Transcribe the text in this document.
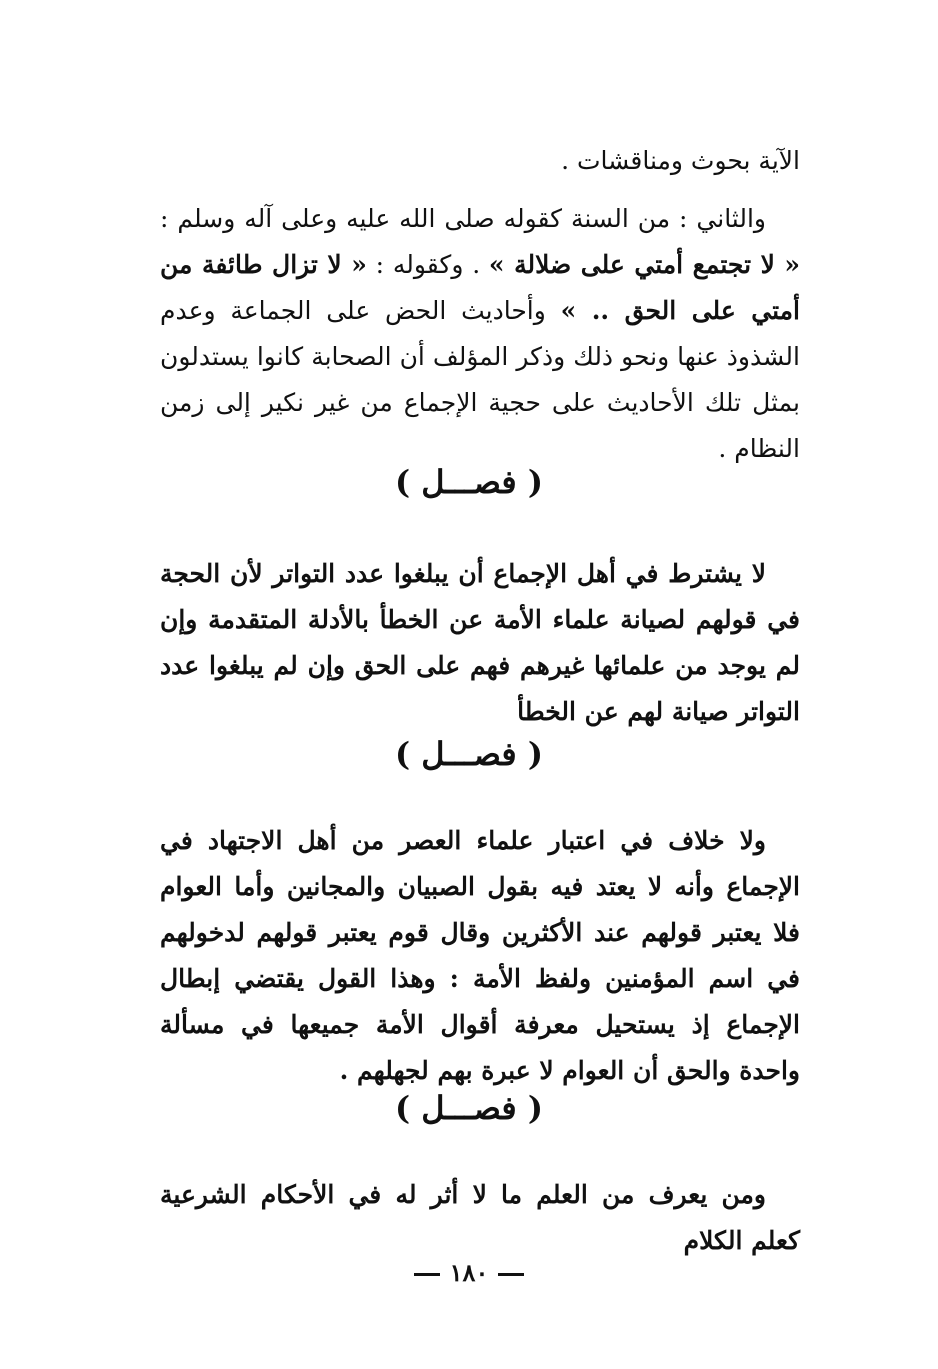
الآية بحوث ومناقشات .

والثاني : من السنة كقوله صلى الله عليه وعلى آله وسلم : « لا تجتمع أمتي على ضلالة » . وكقوله : « لا تزال طائفة من أمتي على الحق .. » وأحاديث الحض على الجماعة وعدم الشذوذ عنها ونحو ذلك وذكر المؤلف أن الصحابة كانوا يستدلون بمثل تلك الأحاديث على حجية الإجماع من غير نكير إلى زمن النظام .

( فصـــل )

لا يشترط في أهل الإجماع أن يبلغوا عدد التواتر لأن الحجة في قولهم لصيانة علماء الأمة عن الخطأ بالأدلة المتقدمة وإن لم يوجد من علمائها غيرهم فهم على الحق وإن لم يبلغوا عدد التواتر صيانة لهم عن الخطأ

( فصـــل )

ولا خلاف في اعتبار علماء العصر من أهل الاجتهاد في الإجماع وأنه لا يعتد فيه بقول الصبيان والمجانين وأما العوام فلا يعتبر قولهم عند الأكثرين وقال قوم يعتبر قولهم لدخولهم في اسم المؤمنين ولفظ الأمة : وهذا القول يقتضي إبطال الإجماع إذ يستحيل معرفة أقوال الأمة جميعها في مسألة واحدة والحق أن العوام لا عبرة بهم لجهلهم .

( فصـــل )

ومن يعرف من العلم ما لا أثر له في الأحكام الشرعية كعلم الكلام

١٨٠
